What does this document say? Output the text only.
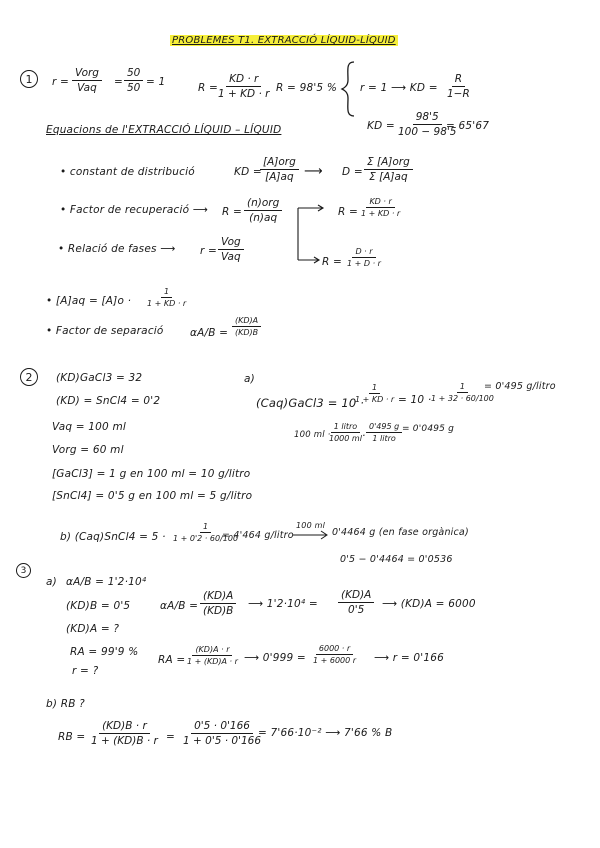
PROBLEMES T1. EXTRACCIÓ LÍQUID-LÍQUID
1	r =
Vorg
Vaq = $\frac{50}{50} = 1$	R =
$\frac{KD \cdot r}{1 + KD \cdot r}$ R = 98'5 % r = 1 ⟶ KD = $\frac{R}{1-R}$
KD = $\frac{98'5}{100 - 98'5}$
= 65'67
Equacions de l'EXTRACCIÓ LÍQUID – LÍQUID
• constant de distribució	KD =
[A]org
[A]aq ⟶ D =
Σ [A]org
Σ [A]aq
• Factor de recuperació ⟶ R =
(n)org
(n)aq	$R = \frac{KD \cdot r}{1 + KD \cdot r}$
• Relació de fases ⟶ r =
Vog
Vaq	$R = \frac{D \cdot r}{1 + D \cdot r}$
• $[A]aq = [A]o \cdot \frac{1}{1 + KD \cdot r}$
• Factor de separació	$\alpha A/B = \frac{(KD)A}{(KD)B}$
2	(KD)GaCl3 = 32
(KD) = SnCl4 = 0'2
Vaq = 100 ml
Vorg = 60 ml
[GaCl3] = 1 g en 100 ml = 10 g/litro
[SnCl4] = 0'5 g en 100 ml = 5 g/litro
a)
(Caq)GaCl3 = 10 ·
$\frac{1}{1 + KD \cdot r} = 10$ ·
$\frac{1}{1 + 32 \cdot 60/100}$
= 0'495 g/litro
100 ml ·
1 litro
1000 ml ·
0'495 g
1 litro
= 0'0495 g
b) (Caq)SnCl4 = $5 \cdot \frac{1}{1 + 0'2 \cdot 60/100}$
= 4'464 g/litro
100 ml
0'4464 g (en fase orgànica)
0'5 − 0'4464 = 0'0536
3
a) αA/B = 1'2·10⁴
(KD)B = 0'5
(KD)A = ?
RA = 99'9 %
r = ?
$\alpha A/B = \frac{(KD)A}{(KD)B}$ ⟶ $1'2\cdot 10^4 = \frac{(KD)A}{0'5}$ ⟶ (KD)A = 6000
RA =
$\frac{(KD)A \cdot r}{1 + (KD)A \cdot r}$ ⟶ $0'999 = \frac{6000 \cdot r}{1 + 6000 r}$ ⟶ r = 0'166
b) RB ?
RB = $\frac{(KD)B \cdot r}{1 + (KD)B \cdot r} = \frac{0'5 \cdot 0'166}{1 + 0'5 \cdot 0'166}$
= 7'66·10⁻² ⟶ 7'66 % B
